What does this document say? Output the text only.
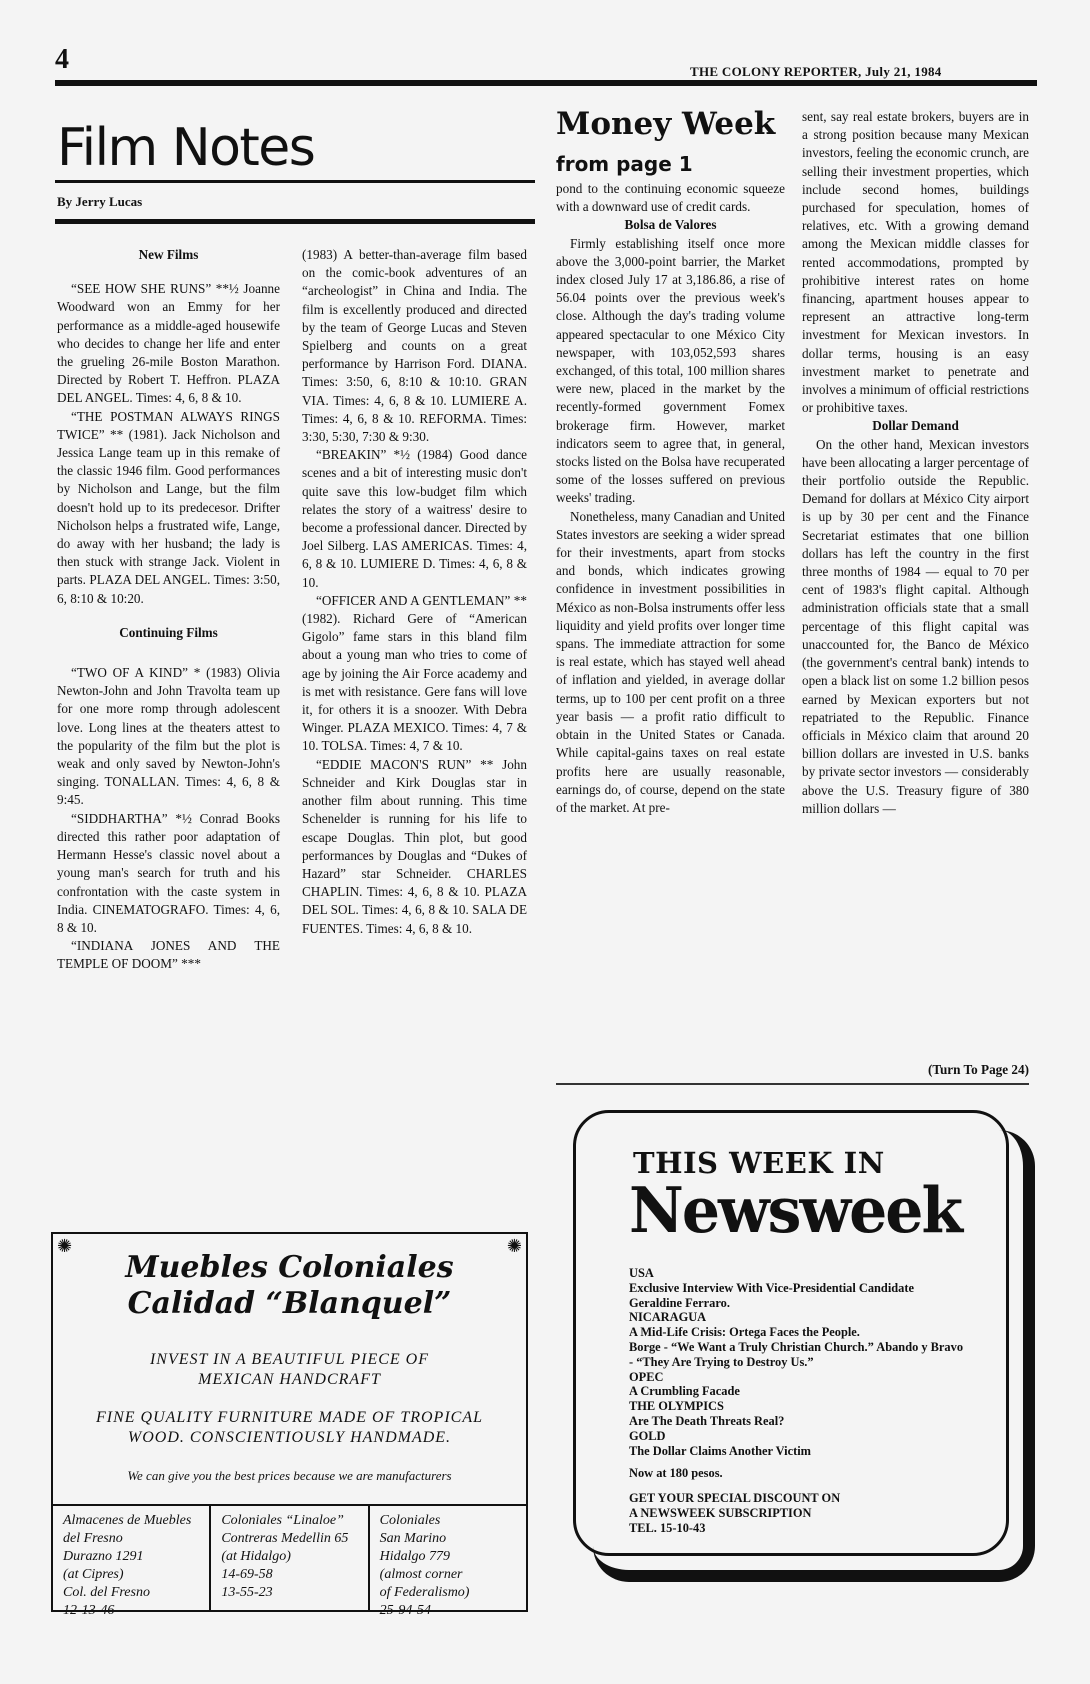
4	THE COLONY REPORTER, July 21, 1984
Film Notes
By Jerry Lucas

New Films

“SEE HOW SHE RUNS” **½ Joanne Woodward won an Emmy for her performance as a middle-aged housewife who decides to change her life and enter the grueling 26-mile Boston Marathon. Directed by Robert T. Heffron. PLAZA DEL ANGEL. Times: 4, 6, 8 & 10.

“THE POSTMAN ALWAYS RINGS TWICE” ** (1981). Jack Nicholson and Jessica Lange team up in this remake of the classic 1946 film. Good performances by Nicholson and Lange, but the film doesn't hold up to its predecesor. Drifter Nicholson helps a frustrated wife, Lange, do away with her husband; the lady is then stuck with strange Jack. Violent in parts. PLAZA DEL ANGEL. Times: 3:50, 6, 8:10 & 10:20.

Continuing Films

“TWO OF A KIND” * (1983) Olivia Newton-John and John Travolta team up for one more romp through adolescent love. Long lines at the theaters attest to the popularity of the film but the plot is weak and only saved by Newton-John's singing. TONALLAN. Times: 4, 6, 8 & 9:45.

“SIDDHARTHA” *½ Conrad Books directed this rather poor adaptation of Hermann Hesse's classic novel about a young man's search for truth and his confrontation with the caste system in India. CINEMATOGRAFO. Times: 4, 6, 8 & 10.

“INDIANA JONES AND THE TEMPLE OF DOOM” ***

(1983) A better-than-average film based on the comic-book adventures of an “archeologist” in China and India. The film is excellently produced and directed by the team of George Lucas and Steven Spielberg and counts on a great performance by Harrison Ford. DIANA. Times: 3:50, 6, 8:10 & 10:10. GRAN VIA. Times: 4, 6, 8 & 10. LUMIERE A. Times: 4, 6, 8 & 10. REFORMA. Times: 3:30, 5:30, 7:30 & 9:30.

“BREAKIN” *½ (1984) Good dance scenes and a bit of interesting music don't quite save this low-budget film which relates the story of a waitress' desire to become a professional dancer. Directed by Joel Silberg. LAS AMERICAS. Times: 4, 6, 8 & 10. LUMIERE D. Times: 4, 6, 8 & 10.

“OFFICER AND A GENTLEMAN” ** (1982). Richard Gere of “American Gigolo” fame stars in this bland film about a young man who tries to come of age by joining the Air Force academy and is met with resistance. Gere fans will love it, for others it is a snoozer. With Debra Winger. PLAZA MEXICO. Times: 4, 7 & 10. TOLSA. Times: 4, 7 & 10.

“EDDIE MACON'S RUN” ** John Schneider and Kirk Douglas star in another film about running. This time Schenelder is running for his life to escape Douglas. Thin plot, but good performances by Douglas and “Dukes of Hazard” star Schneider. CHARLES CHAPLIN. Times: 4, 6, 8 & 10. PLAZA DEL SOL. Times: 4, 6, 8 & 10. SALA DE FUENTES. Times: 4, 6, 8 & 10.

Money Week
from page 1

pond to the continuing economic squeeze with a downward use of credit cards.

Bolsa de Valores

Firmly establishing itself once more above the 3,000-point barrier, the Market index closed July 17 at 3,186.86, a rise of 56.04 points over the previous week's close. Although the day's trading volume appeared spectacular to one México City newspaper, with 103,052,593 shares exchanged, of this total, 100 million shares were new, placed in the market by the recently-formed government Fomex brokerage firm. However, market indicators seem to agree that, in general, stocks listed on the Bolsa have recuperated some of the losses suffered on previous weeks' trading.

Nonetheless, many Canadian and United States investors are seeking a wider spread for their investments, apart from stocks and bonds, which indicates growing confidence in investment possibilities in México as non-Bolsa instruments offer less liquidity and yield profits over longer time spans. The immediate attraction for some is real estate, which has stayed well ahead of inflation and yielded, in average dollar terms, up to 100 per cent profit on a three year basis — a profit ratio difficult to obtain in the United States or Canada. While capital-gains taxes on real estate profits here are usually reasonable, earnings do, of course, depend on the state of the market. At pre-

sent, say real estate brokers, buyers are in a strong position because many Mexican investors, feeling the economic crunch, are selling their investment properties, which include second homes, buildings purchased for speculation, homes of relatives, etc. With a growing demand among the Mexican middle classes for rented accommodations, prompted by prohibitive interest rates on home financing, apartment houses appear to represent an attractive long-term investment for Mexican investors. In dollar terms, housing is an easy investment market to penetrate and involves a minimum of official restrictions or prohibitive taxes.

Dollar Demand

On the other hand, Mexican investors have been allocating a larger percentage of their portfolio outside the Republic. Demand for dollars at México City airport is up by 30 per cent and the Finance Secretariat estimates that one billion dollars has left the country in the first three months of 1984 — equal to 70 per cent of 1983's flight capital. Although administration officials state that a small percentage of this flight capital was unaccounted for, the Banco de México (the government's central bank) intends to open a black list on some 1.2 billion pesos earned by Mexican exporters but not repatriated to the Republic. Finance officials in México claim that around 20 billion dollars are invested in U.S. banks by private sector investors — considerably above the U.S. Treasury figure of 380 million dollars —

(Turn To Page 24)
✺	✺
Muebles Coloniales
Calidad “Blanquel”
INVEST IN A BEAUTIFUL PIECE OF
MEXICAN HANDCRAFT
FINE QUALITY FURNITURE MADE OF TROPICAL
WOOD. CONSCIENTIOUSLY HANDMADE.
We can give you the best prices because we are manufacturers
Almacenes de Muebles
del Fresno
Durazno 1291
(at Cipres)
Col. del Fresno
12-13-46
Coloniales “Linaloe”
Contreras Medellin 65
(at Hidalgo)
14-69-58
13-55-23
Coloniales
San Marino
Hidalgo 779
(almost corner
of Federalismo)
25-94-54
THIS WEEK IN
Newsweek
USA
Exclusive Interview With Vice-Presidential Candidate Geraldine Ferraro.
NICARAGUA
A Mid-Life Crisis: Ortega Faces the People.
Borge - “We Want a Truly Christian Church.” Abando y Bravo - “They Are Trying to Destroy Us.”
OPEC
A Crumbling Facade
THE OLYMPICS
Are The Death Threats Real?
GOLD
The Dollar Claims Another Victim
Now at 180 pesos.
GET YOUR SPECIAL DISCOUNT ON
A NEWSWEEK SUBSCRIPTION
TEL. 15-10-43
